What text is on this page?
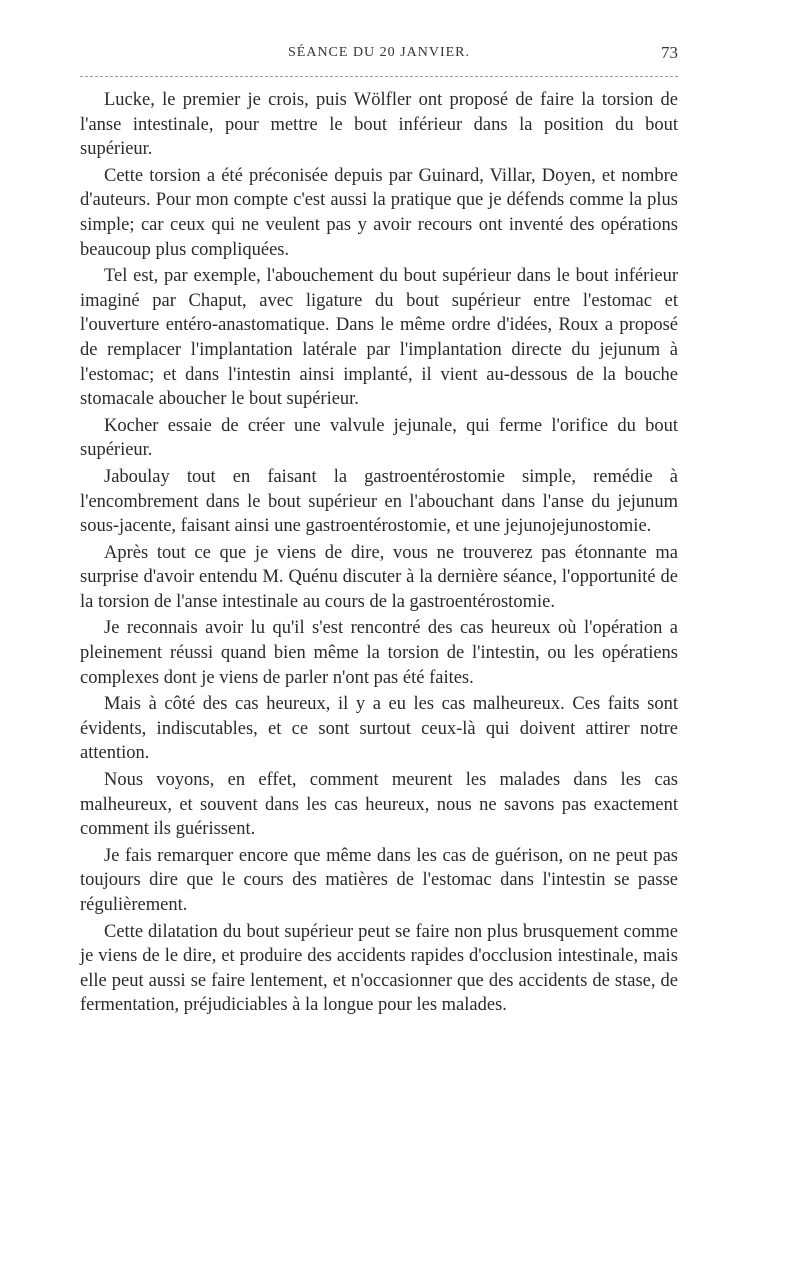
SÉANCE DU 20 JANVIER.	73

Lucke, le premier je crois, puis Wölfler ont proposé de faire la torsion de l'anse intestinale, pour mettre le bout inférieur dans la position du bout supérieur.

Cette torsion a été préconisée depuis par Guinard, Villar, Doyen, et nombre d'auteurs. Pour mon compte c'est aussi la pratique que je défends comme la plus simple; car ceux qui ne veulent pas y avoir recours ont inventé des opérations beaucoup plus compliquées.

Tel est, par exemple, l'abouchement du bout supérieur dans le bout inférieur imaginé par Chaput, avec ligature du bout supérieur entre l'estomac et l'ouverture entéro-anastomatique. Dans le même ordre d'idées, Roux a proposé de remplacer l'implantation latérale par l'implantation directe du jejunum à l'estomac; et dans l'intestin ainsi implanté, il vient au-dessous de la bouche stomacale aboucher le bout supérieur.

Kocher essaie de créer une valvule jejunale, qui ferme l'orifice du bout supérieur.

Jaboulay tout en faisant la gastroentérostomie simple, remédie à l'encombrement dans le bout supérieur en l'abouchant dans l'anse du jejunum sous-jacente, faisant ainsi une gastroentérostomie, et une jejunojejunostomie.

Après tout ce que je viens de dire, vous ne trouverez pas étonnante ma surprise d'avoir entendu M. Quénu discuter à la dernière séance, l'opportunité de la torsion de l'anse intestinale au cours de la gastroentérostomie.

Je reconnais avoir lu qu'il s'est rencontré des cas heureux où l'opération a pleinement réussi quand bien même la torsion de l'intestin, ou les opératiens complexes dont je viens de parler n'ont pas été faites.

Mais à côté des cas heureux, il y a eu les cas malheureux. Ces faits sont évidents, indiscutables, et ce sont surtout ceux-là qui doivent attirer notre attention.

Nous voyons, en effet, comment meurent les malades dans les cas malheureux, et souvent dans les cas heureux, nous ne savons pas exactement comment ils guérissent.

Je fais remarquer encore que même dans les cas de guérison, on ne peut pas toujours dire que le cours des matières de l'estomac dans l'intestin se passe régulièrement.

Cette dilatation du bout supérieur peut se faire non plus brusquement comme je viens de le dire, et produire des accidents rapides d'occlusion intestinale, mais elle peut aussi se faire lentement, et n'occasionner que des accidents de stase, de fermentation, préjudiciables à la longue pour les malades.
